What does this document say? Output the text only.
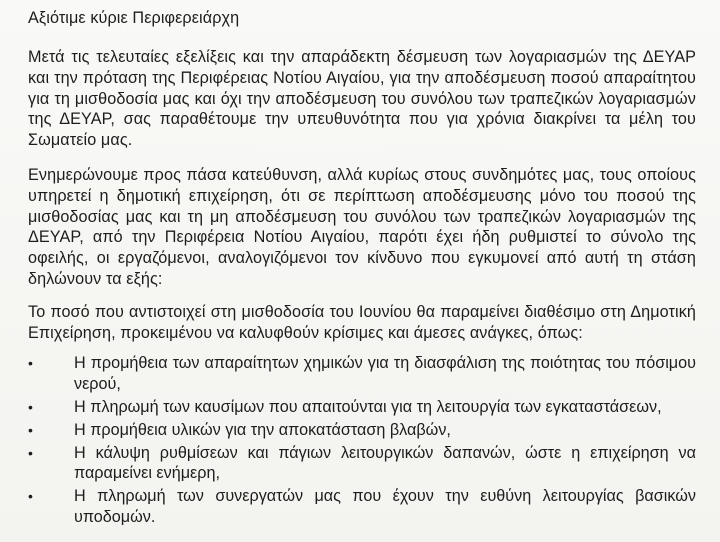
Αξιότιμε κύριε Περιφερειάρχη

Μετά τις τελευταίες εξελίξεις και την απαράδεκτη δέσμευση των λογαριασμών της ΔΕΥΑΡ και την πρόταση της Περιφέρειας Νοτίου Αιγαίου, για την αποδέσμευση ποσού απαραίτητου για τη μισθοδοσία μας και όχι την αποδέσμευση του συνόλου των τραπεζικών λογαριασμών της ΔΕΥΑΡ, σας παραθέτουμε την υπευθυνότητα που για χρόνια διακρίνει τα μέλη του Σωματείο μας.

Ενημερώνουμε προς πάσα κατεύθυνση, αλλά κυρίως στους συνδημότες μας, τους οποίους υπηρετεί η δημοτική επιχείρηση, ότι σε περίπτωση αποδέσμευσης μόνο του ποσού της μισθοδοσίας μας και τη μη αποδέσμευση του συνόλου των τραπεζικών λογαριασμών της ΔΕΥΑΡ, από την Περιφέρεια Νοτίου Αιγαίου, παρότι έχει ήδη ρυθμιστεί το σύνολο της οφειλής, οι εργαζόμενοι, αναλογιζόμενοι τον κίνδυνο που εγκυμονεί από αυτή τη στάση δηλώνουν τα εξής:

Το ποσό που αντιστοιχεί στη μισθοδοσία του Ιουνίου θα παραμείνει διαθέσιμο στη Δημοτική Επιχείρηση, προκειμένου να καλυφθούν κρίσιμες και άμεσες ανάγκες, όπως:

•	Η προμήθεια των απαραίτητων χημικών για τη διασφάλιση της ποιότητας του πόσιμου νερού,
•	Η πληρωμή των καυσίμων που απαιτούνται για τη λειτουργία των εγκαταστάσεων,
•	Η προμήθεια υλικών για την αποκατάσταση βλαβών,
•	Η κάλυψη ρυθμίσεων και πάγιων λειτουργικών δαπανών, ώστε η επιχείρηση να παραμείνει ενήμερη,
•	Η πληρωμή των συνεργατών μας που έχουν την ευθύνη λειτουργίας βασικών υποδομών.
